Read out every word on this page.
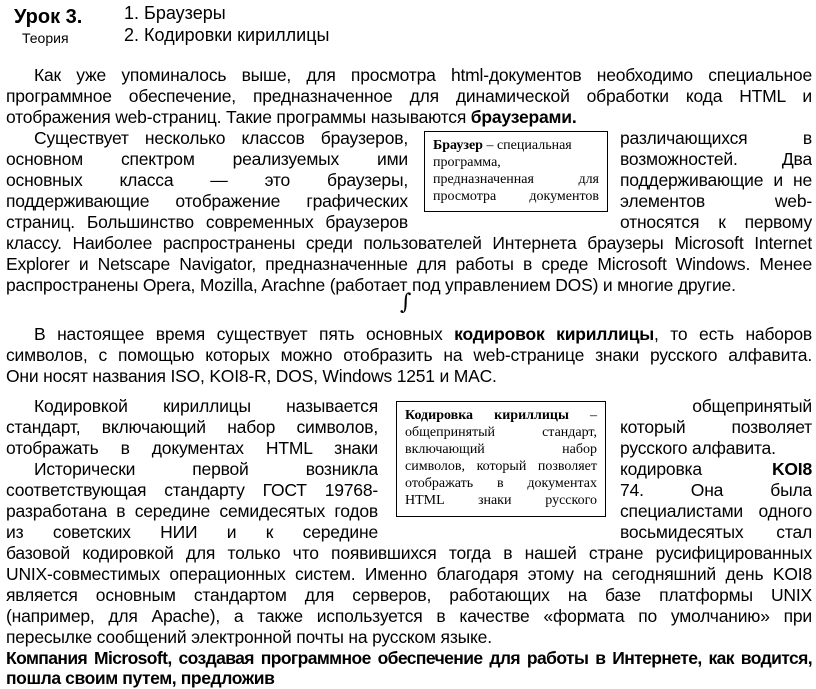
Урок 3.
Теория
1. Браузеры
2. Кодировки кириллицы
Как уже упоминалось выше, для просмотра html-документов необходимо специальное
программное обеспечение, предназначенное для динамической обработки кода HTML и
отображения web-страниц. Такие программы называются браузерами.
Существует несколько классов браузеров,	различающихся в
основном спектром реализуемых ими	возможностей. Два
основных класса — это браузеры,	поддерживающие и не
поддерживающие отображение графических	элементов web-
страниц. Большинство современных браузеров	относятся к первому
классу. Наиболее распространены среди пользователей Интернета браузеры Microsoft Internet
Explorer и Netscape Navigator, предназначенные для работы в среде Microsoft Windows. Менее
распространены Opera, Mozilla, Arachne (работает под управлением DOS) и многие другие.
Браузер – специальная
программа,
предназначенная для
просмотра документов
∫
В настоящее время существует пять основных кодировок кириллицы, то есть наборов
символов, с помощью которых можно отобразить на web-странице знаки русского алфавита.
Они носят названия ISO, KOI8-R, DOS, Windows 1251 и MAC.
Кодировкой кириллицы называется	общепринятый
стандарт, включающий набор символов,	который позволяет
отображать в документах HTML знаки	русского алфавита.
Исторически первой возникла	кодировка	KOI8
соответствующая стандарту ГОСТ 19768-	74. Она была
разработана в середине семидесятых годов	специалистами одного
из советских НИИ и к середине	восьмидесятых стал
базовой кодировкой для только что появившихся тогда в нашей стране русифицированных
UNIX-совместимых операционных систем. Именно благодаря этому на сегодняшний день KOI8
является основным стандартом для серверов, работающих на базе платформы UNIX
(например, для Apache), а также используется в качестве «формата по умолчанию» при
пересылке сообщений электронной почты на русском языке.
Кодировка кириллицы –
общепринятый стандарт,
включающий набор
символов, который позволяет
отображать в документах
HTML знаки русского
Компания Microsoft, создавая программное обеспечение для работы в Интернете, как водится,
пошла своим путем, предложив
